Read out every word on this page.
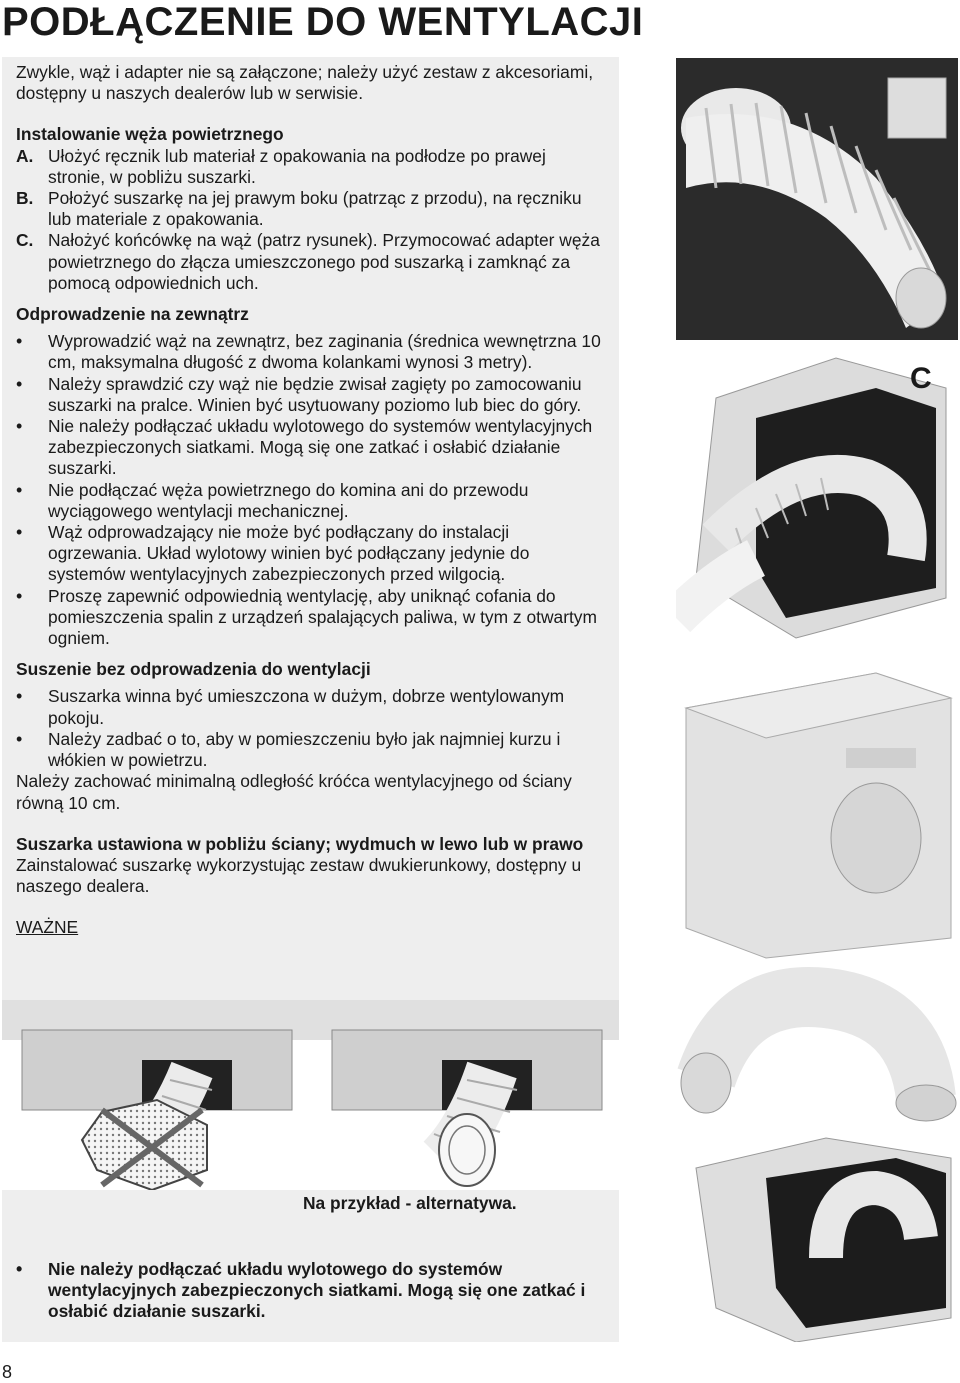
PODŁĄCZENIE DO WENTYLACJI

Zwykle, wąż i adapter nie są załączone; należy użyć zestaw z akcesoriami, dostępny u naszych dealerów lub w serwisie.

Instalowanie węża powietrznego

A. Ułożyć ręcznik lub materiał z opakowania na podłodze po prawej stronie, w pobliżu suszarki.
B. Położyć suszarkę na jej prawym boku (patrząc z przodu), na ręczniku lub materiale z opakowania.
C. Nałożyć końcówkę na wąż (patrz rysunek). Przymocować adapter węża powietrznego do złącza umieszczonego pod suszarką i zamknąć za pomocą odpowiednich uch.

Odprowadzenie na zewnątrz

• Wyprowadzić wąż na zewnątrz, bez zaginania (średnica wewnętrzna 10 cm, maksymalna długość z dwoma kolankami wynosi 3 metry).
• Należy sprawdzić czy wąż nie będzie zwisał zagięty po zamocowaniu suszarki na pralce. Winien być usytuowany poziomo lub biec do góry.
• Nie należy podłączać układu wylotowego do systemów wentylacyjnych zabezpieczonych siatkami. Mogą się one zatkać i osłabić działanie suszarki.
• Nie podłączać węża powietrznego do komina ani do przewodu wyciągowego wentylacji mechanicznej.
• Wąż odprowadzający nie może być podłączany do instalacji ogrzewania. Układ wylotowy winien być podłączany jedynie do systemów wentylacyjnych zabezpieczonych przed wilgocią.
• Proszę zapewnić odpowiednią wentylację, aby uniknąć cofania do pomieszczenia spalin z urządzeń spalających paliwa, w tym z otwartym ogniem.

Suszenie bez odprowadzenia do wentylacji

• Suszarka winna być umieszczona w dużym, dobrze wentylowanym pokoju.
• Należy zadbać o to, aby w pomieszczeniu było jak najmniej kurzu i włókien w powietrzu.

Należy zachować minimalną odległość króćca wentylacyjnego od ściany równą 10 cm.

Suszarka ustawiona w pobliżu ściany; wydmuch w lewo lub w prawo

Zainstalować suszarkę wykorzystując zestaw dwukierunkowy, dostępny u naszego dealera.

WAŻNE

C
Na przykład - alternatywa.
• Nie należy podłączać układu wylotowego do systemów wentylacyjnych zabezpieczonych siatkami. Mogą się one zatkać i osłabić działanie suszarki.
8
